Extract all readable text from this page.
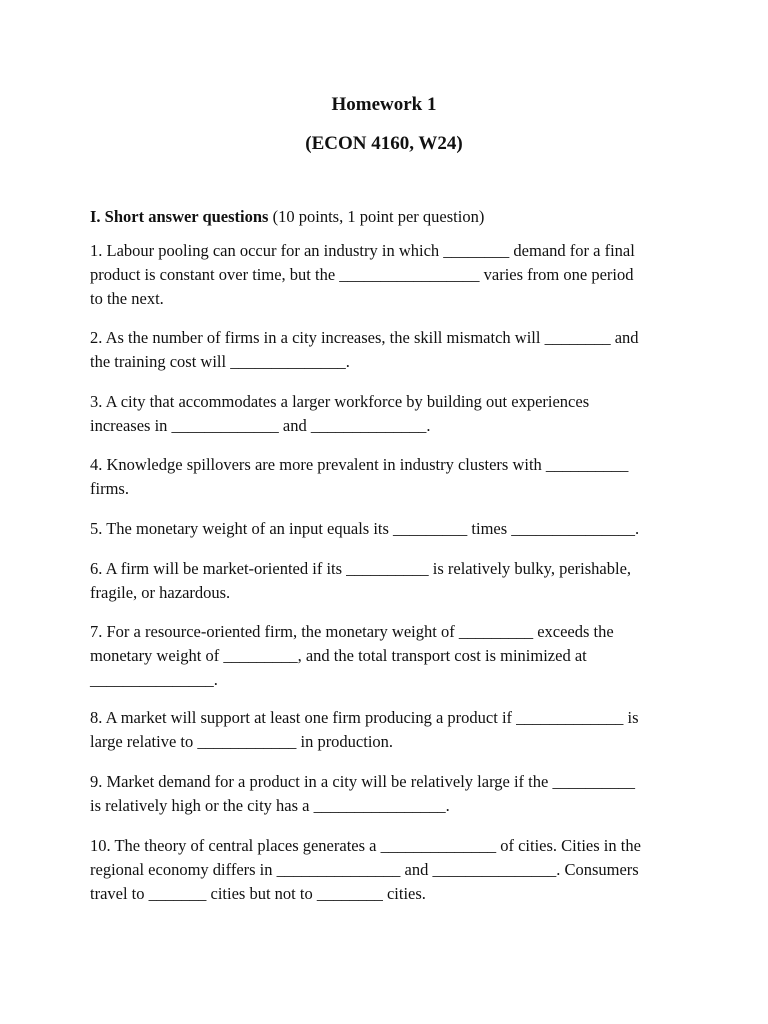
Homework 1
(ECON 4160, W24)
I. Short answer questions (10 points, 1 point per question)
1. Labour pooling can occur for an industry in which ________ demand for a final
product is constant over time, but the _________________ varies from one period
to the next.
2. As the number of firms in a city increases, the skill mismatch will ________ and
the training cost will ______________.
3. A city that accommodates a larger workforce by building out experiences
increases in _____________ and ______________.
4. Knowledge spillovers are more prevalent in industry clusters with __________
firms.
5. The monetary weight of an input equals its _________ times _______________.
6. A firm will be market-oriented if its __________ is relatively bulky, perishable,
fragile, or hazardous.
7. For a resource-oriented firm, the monetary weight of _________ exceeds the
monetary weight of _________, and the total transport cost is minimized at
_______________.
8. A market will support at least one firm producing a product if _____________ is
large relative to ____________ in production.
9. Market demand for a product in a city will be relatively large if the __________
is relatively high or the city has a ________________.
10. The theory of central places generates a ______________ of cities. Cities in the
regional economy differs in _______________ and _______________. Consumers
travel to _______ cities but not to ________ cities.
